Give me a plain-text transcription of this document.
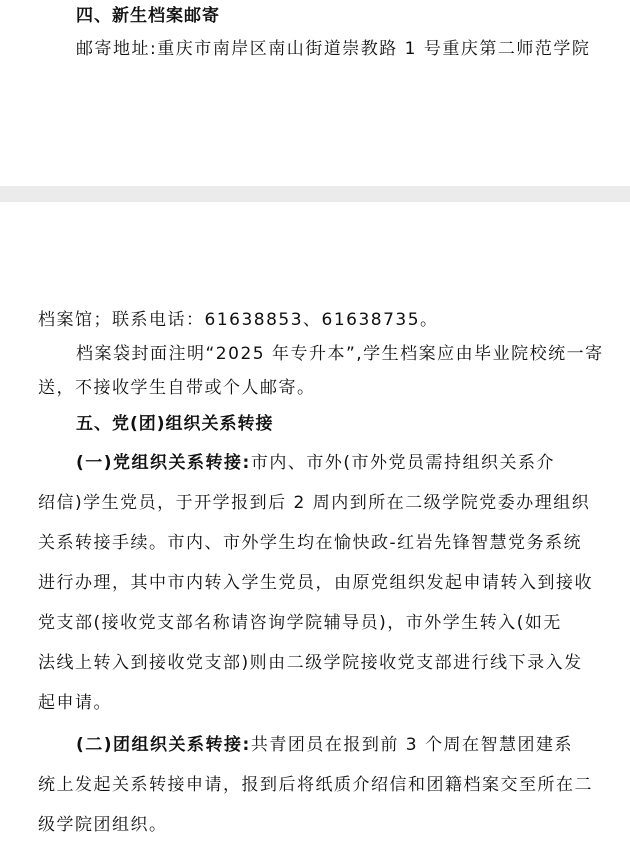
四、新生档案邮寄
邮寄地址:重庆市南岸区南山街道崇教路 1 号重庆第二师范学院
档案馆；联系电话：61638853、61638735。
档案袋封面注明“2025 年专升本”,学生档案应由毕业院校统一寄
送，不接收学生自带或个人邮寄。
五、党(团)组织关系转接
(一)党组织关系转接:市内、市外(市外党员需持组织关系介
绍信)学生党员，于开学报到后 2 周内到所在二级学院党委办理组织
关系转接手续。市内、市外学生均在愉快政-红岩先锋智慧党务系统
进行办理，其中市内转入学生党员，由原党组织发起申请转入到接收
党支部(接收党支部名称请咨询学院辅导员)，市外学生转入(如无
法线上转入到接收党支部)则由二级学院接收党支部进行线下录入发
起申请。
(二)团组织关系转接:共青团员在报到前 3 个周在智慧团建系
统上发起关系转接申请，报到后将纸质介绍信和团籍档案交至所在二
级学院团组织。
